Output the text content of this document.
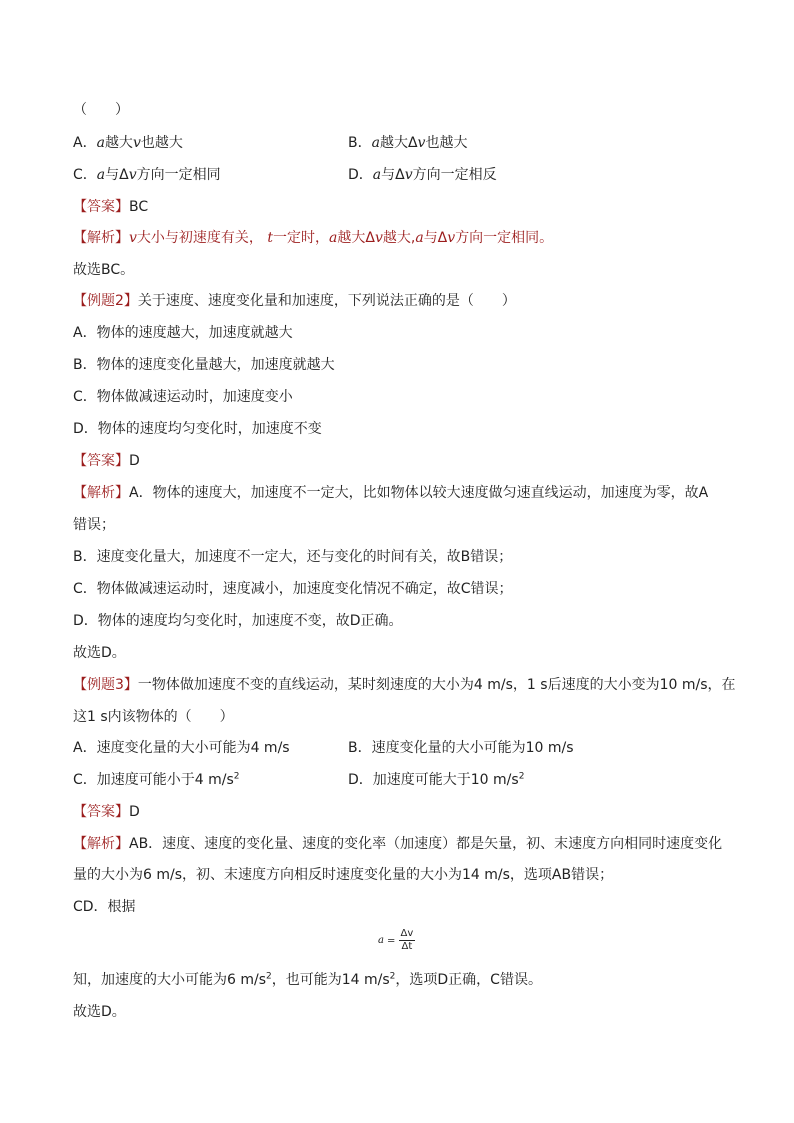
（　　）
A．a越大v也越大	B．a越大Δv也越大
C．a与Δv方向一定相同	D．a与Δv方向一定相反
【答案】BC
【解析】v大小与初速度有关， t一定时，a越大Δv越大,a与Δv方向一定相同。
故选BC。
【例题2】关于速度、速度变化量和加速度，下列说法正确的是（　　）
A．物体的速度越大，加速度就越大
B．物体的速度变化量越大，加速度就越大
C．物体做减速运动时，加速度变小
D．物体的速度均匀变化时，加速度不变
【答案】D
【解析】A．物体的速度大，加速度不一定大，比如物体以较大速度做匀速直线运动，加速度为零，故A
错误；
B．速度变化量大，加速度不一定大，还与变化的时间有关，故B错误；
C．物体做减速运动时，速度减小，加速度变化情况不确定，故C错误；
D．物体的速度均匀变化时，加速度不变，故D正确。
故选D。
【例题3】一物体做加速度不变的直线运动，某时刻速度的大小为4 m/s，1 s后速度的大小变为10 m/s，在
这1 s内该物体的（　　）
A．速度变化量的大小可能为4 m/s	B．速度变化量的大小可能为10 m/s
C．加速度可能小于4 $m/s^2$	D．加速度可能大于10 $m/s^2$
【答案】D
【解析】AB．速度、速度的变化量、速度的变化率（加速度）都是矢量，初、末速度方向相同时速度变化
量的大小为6 m/s，初、末速度方向相反时速度变化量的大小为14 m/s，选项AB错误；
CD．根据
$a = \frac{\Delta v}{\Delta t}$
知，加速度的大小可能为6 $m/s^2$，也可能为14 $m/s^2$，选项D正确，C错误。
故选D。
